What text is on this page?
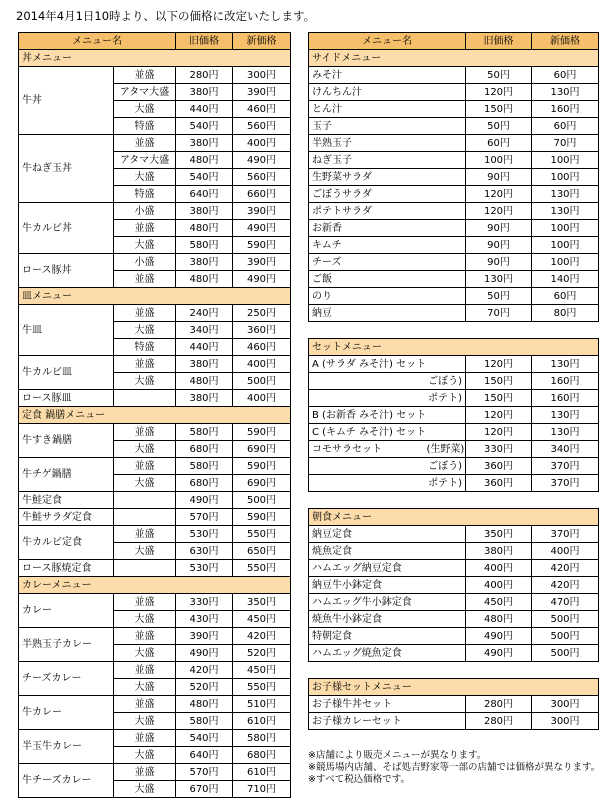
2014年4月1日10時より、以下の価格に改定いたします。
メニュー名		旧価格	新価格
丼メニュー			
牛丼	並盛	280円	300円
	アタマ大盛	380円	390円
	大盛	440円	460円
	特盛	540円	560円
牛ねぎ玉丼	並盛	380円	400円
	アタマ大盛	480円	490円
	大盛	540円	560円
	特盛	640円	660円
牛カルビ丼	小盛	380円	390円
	並盛	480円	490円
	大盛	580円	590円
ロース豚丼	小盛	380円	390円
	並盛	480円	490円
皿メニュー			
牛皿	並盛	240円	250円
	大盛	340円	360円
	特盛	440円	460円
牛カルビ皿	並盛	380円	400円
	大盛	480円	500円
ロース豚皿		380円	400円
定食 鍋膳メニュー			
牛すき鍋膳	並盛	580円	590円
	大盛	680円	690円
牛チゲ鍋膳	並盛	580円	590円
	大盛	680円	690円
牛鮭定食		490円	500円
牛鮭サラダ定食		570円	590円
牛カルビ定食	並盛	530円	550円
	大盛	630円	650円
ロース豚焼定食		530円	550円
カレーメニュー			
カレー	並盛	330円	350円
	大盛	430円	450円
半熟玉子カレー	並盛	390円	420円
	大盛	490円	520円
チーズカレー	並盛	420円	450円
	大盛	520円	550円
牛カレー	並盛	480円	510円
	大盛	580円	610円
半玉牛カレー	並盛	540円	580円
	大盛	640円	680円
牛チーズカレー	並盛	570円	610円
	大盛	670円	710円
メニュー名		旧価格	新価格
サイドメニュー			
みそ汁		50円	60円
けんちん汁		120円	130円
とん汁		150円	160円
玉子		50円	60円
半熟玉子		60円	70円
ねぎ玉子		100円	100円
生野菜サラダ		90円	100円
ごぼうサラダ		120円	130円
ポテトサラダ		120円	130円
お新香		90円	100円
キムチ		90円	100円
チーズ		90円	100円
ご飯		130円	140円
のり		50円	60円
納豆		70円	80円

セットメニュー			
A (サラダ みそ汁) セット		120円	130円
	ごぼう)	150円	160円
	ポテト)	150円	160円
B (お新香 みそ汁) セット		120円	130円
C (キムチ みそ汁) セット		120円	130円
コモサラセット	(生野菜)	330円	340円
	ごぼう)	360円	370円
	ポテト)	360円	370円

朝食メニュー			
納豆定食		350円	370円
焼魚定食		380円	400円
ハムエッグ納豆定食		400円	420円
納豆牛小鉢定食		400円	420円
ハムエッグ牛小鉢定食		450円	470円
焼魚牛小鉢定食		480円	500円
特朝定食		490円	500円
ハムエッグ焼魚定食		490円	500円

お子様セットメニュー			
お子様牛丼セット		280円	300円
お子様カレーセット		280円	300円
※店舗により販売メニューが異なります。
※競馬場内店舗、そば処吉野家等一部の店舗では価格が異なります。
※すべて税込価格です。
